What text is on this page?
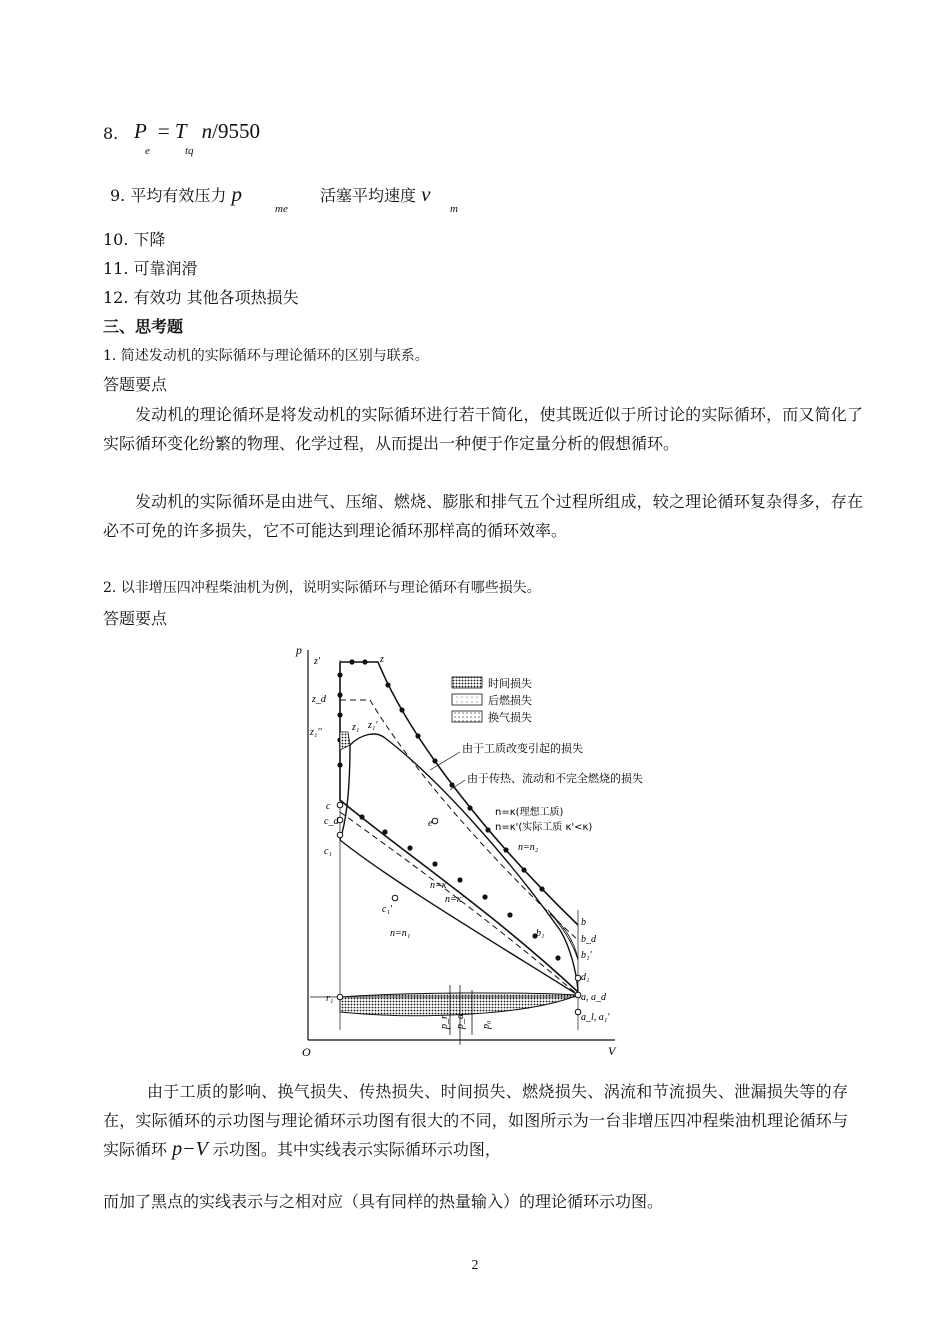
8. P = T n/9550
e	tq
9. 平均有效压力 p
me
活塞平均速度 v
m
10. 下降
11. 可靠润滑
12. 有效功 其他各项热损失
三、思考题
1. 简述发动机的实际循环与理论循环的区别与联系。
答题要点
发动机的理论循环是将发动机的实际循环进行若干简化，使其既近似于所讨论的实际循环，而又简化了实际循环变化纷繁的物理、化学过程，从而提出一种便于作定量分析的假想循环。
发动机的实际循环是由进气、压缩、燃烧、膨胀和排气五个过程所组成，较之理论循环复杂得多，存在必不可免的许多损失，它不可能达到理论循环那样高的循环效率。
2. 以非增压四冲程柴油机为例，说明实际循环与理论循环有哪些损失。
答题要点
p
V
O
时间损失
后燃损失
换气损失
由于工质改变引起的损失
由于传热、流动和不完全燃烧的损失
n=κ(理想工质)
n=κ'(实际工质 κ'<κ)
n=n₂
n=κ
n=κ'
n=n₁
z'	z
z_d
z₁''	z₁ z₁'
c
c_d
c₁
c₁'
e
b
b_d
b₁
b₁'
d₁
r₁	a, a_d
a_l, a₁'
p_r p_a p₀
由于工质的影响、换气损失、传热损失、时间损失、燃烧损失、涡流和节流损失、泄漏损失等的存在，实际循环的示功图与理论循环示功图有很大的不同，如图所示为一台非增压四冲程柴油机理论循环与实际循环 p−V 示功图。其中实线表示实际循环示功图，
而加了黑点的实线表示与之相对应（具有同样的热量输入）的理论循环示功图。
2
